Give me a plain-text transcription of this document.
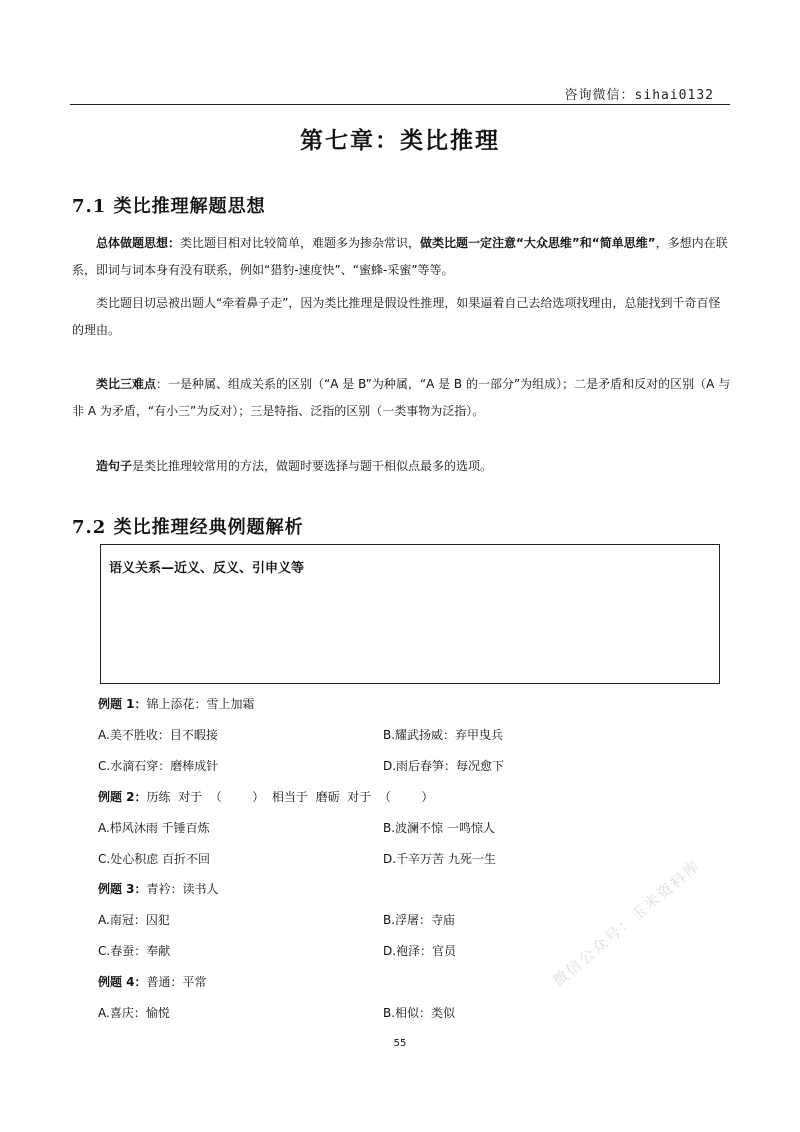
咨询微信：sihai0132
第七章：类比推理
7.1 类比推理解题思想

总体做题思想：类比题目相对比较简单，难题多为掺杂常识，做类比题一定注意“大众思维”和“简单思维”，多想内在联系，即词与词本身有没有联系，例如“猎豹-速度快”、“蜜蜂-采蜜”等等。

类比题目切忌被出题人“牵着鼻子走”，因为类比推理是假设性推理，如果逼着自己去给选项找理由，总能找到千奇百怪的理由。

类比三难点：一是种属、组成关系的区别（“A 是 B”为种属，“A 是 B 的一部分”为组成）；二是矛盾和反对的区别（A 与非 A 为矛盾，“有小三”为反对）；三是特指、泛指的区别（一类事物为泛指）。

造句子是类比推理较常用的方法，做题时要选择与题干相似点最多的选项。

7.2 类比推理经典例题解析
语义关系—近义、反义、引申义等
例题 1：锦上添花：雪上加霜
A.美不胜收：目不暇接	B.耀武扬威：弃甲曳兵
C.水滴石穿：磨棒成针	D.雨后春笋：每况愈下
例题 2：历练  对于  （        ）  相当于  磨砺  对于  （        ）
A.栉风沐雨 千锤百炼	B.波澜不惊 一鸣惊人
C.处心积虑 百折不回	D.千辛万苦 九死一生
例题 3：青衿：读书人
A.南冠：囚犯	B.浮屠：寺庙
C.春蚕：奉献	D.袍泽：官员
例题 4：普通：平常
A.喜庆：愉悦	B.相似：类似
55
微信公众号：玉米资料库
